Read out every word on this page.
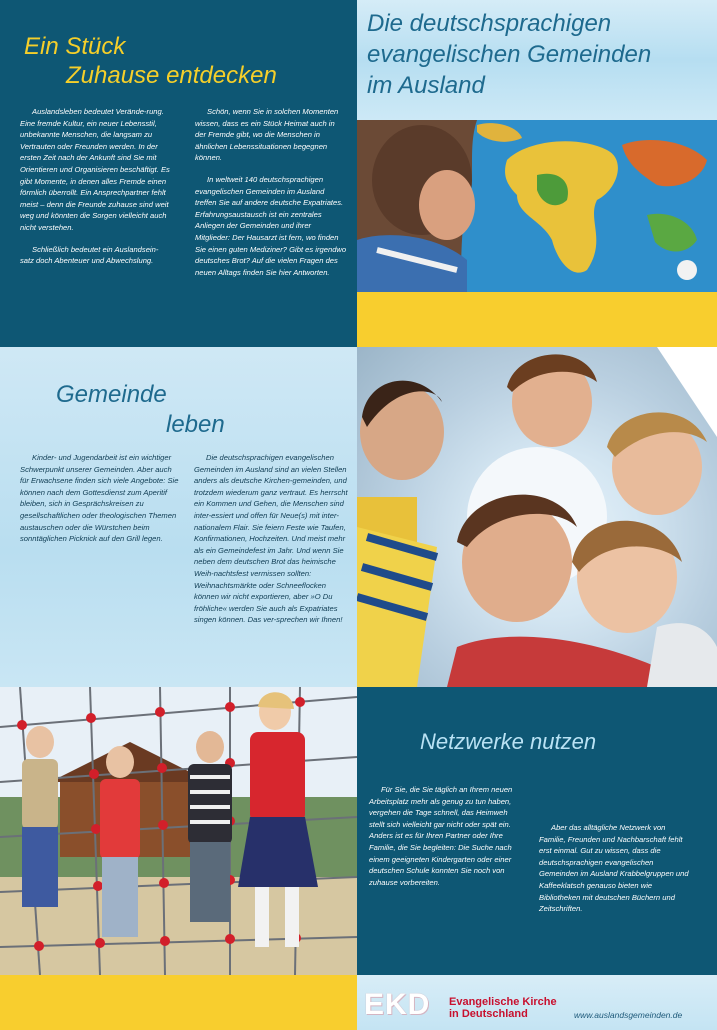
Ein Stück
Zuhause entdecken

Auslandsleben bedeutet Verände-rung. Eine fremde Kultur, ein neuer Lebensstil, unbekannte Menschen, die langsam zu Vertrauten oder Freunden werden. In der ersten Zeit nach der Ankunft sind Sie mit Orientieren und Organisieren beschäftigt. Es gibt Momente, in denen alles Fremde einen förmlich überrollt. Ein Ansprechpartner fehlt meist – denn die Freunde zuhause sind weit weg und könnten die Sorgen vielleicht auch nicht verstehen.

Schließlich bedeutet ein Auslandsein-satz doch Abenteuer und Abwechslung.

Schön, wenn Sie in solchen Momenten wissen, dass es ein Stück Heimat auch in der Fremde gibt, wo die Menschen in ähnlichen Lebenssituationen begegnen können.

In weltweit 140 deutschsprachigen evangelischen Gemeinden im Ausland treffen Sie auf andere deutsche Expatriates. Erfahrungsaustausch ist ein zentrales Anliegen der Gemeinden und ihrer Mitglieder: Der Hausarzt ist fern, wo finden Sie einen guten Mediziner? Gibt es irgendwo deutsches Brot? Auf die vielen Fragen des neuen Alltags finden Sie hier Antworten.

Die deutschsprachigen
evangelischen Gemeinden
im Ausland
Gemeinde
leben

Kinder- und Jugendarbeit ist ein wichtiger Schwerpunkt unserer Gemeinden. Aber auch für Erwachsene finden sich viele Angebote: Sie können nach dem Gottesdienst zum Aperitif bleiben, sich in Gesprächskreisen zu gesellschaftlichen oder theologischen Themen austauschen oder die Würstchen beim sonntäglichen Picknick auf den Grill legen.

Die deutschsprachigen evangelischen Gemeinden im Ausland sind an vielen Stellen anders als deutsche Kirchen-gemeinden, und trotzdem wiederum ganz vertraut. Es herrscht ein Kommen und Gehen, die Menschen sind inter-essiert und offen für Neue(s) mit inter-nationalem Flair. Sie feiern Feste wie Taufen, Konfirmationen, Hochzeiten. Und meist mehr als ein Gemeindefest im Jahr. Und wenn Sie neben dem deutschen Brot das heimische Weih-nachtsfest vermissen sollten: Weihnachtsmärkte oder Schneeflocken können wir nicht exportieren, aber »O Du fröhliche« werden Sie auch als Expatriates singen können. Das ver-sprechen wir Ihnen!

Netzwerke nutzen

Für Sie, die Sie täglich an Ihrem neuen Arbeitsplatz mehr als genug zu tun haben, vergehen die Tage schnell, das Heimweh stellt sich vielleicht gar nicht oder spät ein. Anders ist es für Ihren Partner oder Ihre Familie, die Sie begleiten: Die Suche nach einem geeigneten Kindergarten oder einer deutschen Schule konnten Sie noch von zuhause vorbereiten.

Aber das alltägliche Netzwerk von Familie, Freunden und Nachbarschaft fehlt erst einmal. Gut zu wissen, dass die deutschsprachigen evangelischen Gemeinden im Ausland Krabbelgruppen und Kaffeeklatsch genauso bieten wie Bibliotheken mit deutschen Büchern und Zeitschriften.

EKD Evangelische Kirche
in Deutschland	www.auslandsgemeinden.de
